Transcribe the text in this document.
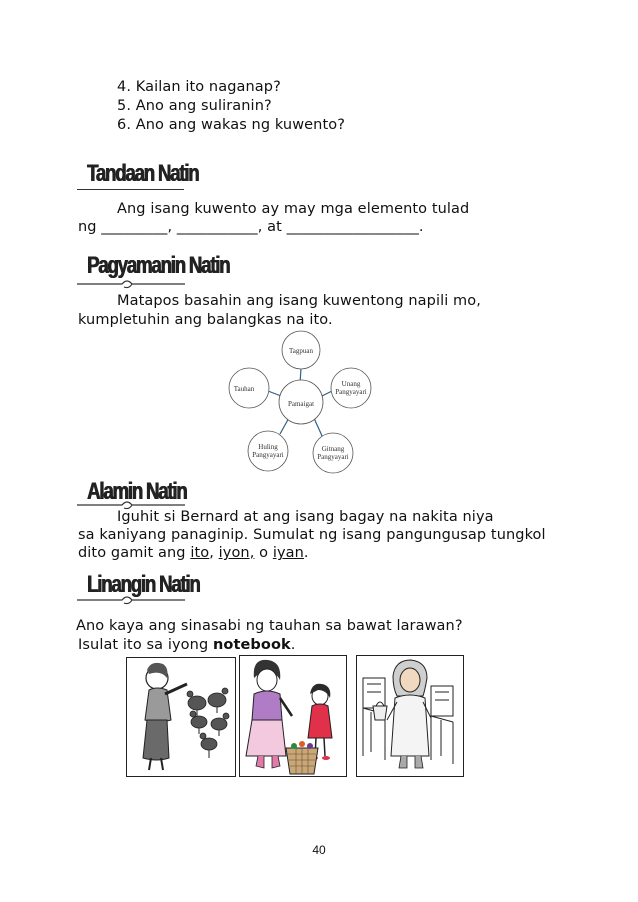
4. Kailan ito naganap?
5. Ano ang suliranin?
6. Ano ang wakas ng kuwento?
Tandaan Natin
Ang isang kuwento ay may mga elemento tulad
ng _________, ___________, at __________________.
Pagyamanin Natin
Matapos basahin ang isang kuwentong napili mo,
kumpletuhin ang balangkas na ito.
Pamaigat
Tagpuan
Unang
Pangyayari
Gitnang
Pangyayari
Huling
Pangyayari
Tauhan
Alamin Natin
Iguhit si Bernard at ang isang bagay na nakita niya
sa kaniyang panaginip. Sumulat ng isang pangungusap tungkol
dito gamit ang ito, iyon, o iyan.
Linangin Natin
Ano kaya ang sinasabi ng tauhan sa bawat larawan?
Isulat ito sa iyong notebook.
40
